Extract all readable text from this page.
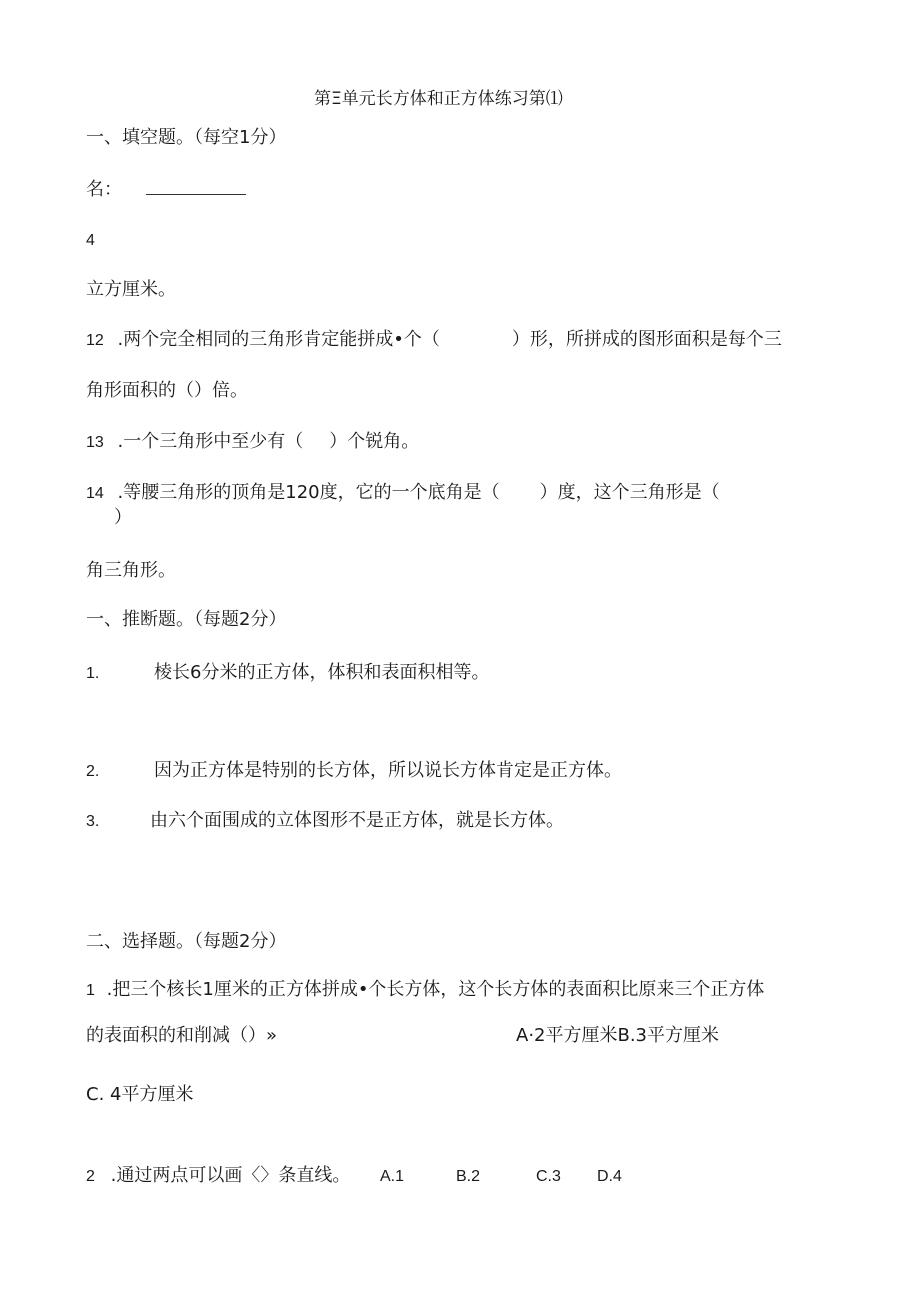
第Ξ单元长方体和正方体练习第⑴
一、填空题。（每空1分）
名：
4
立方厘米。
12 .两个完全相同的三角形肯定能拼成•个（	）形，所拼成的图形面积是每个三
角形面积的（）倍。
13 .一个三角形中至少有（ ）个锐角。
14 .等腰三角形的顶角是120度，它的一个底角是（ ）度，这个三角形是（
）
角三角形。
一、推断题。（每题2分）
1.	棱长6分米的正方体，体积和表面积相等。
2.	因为正方体是特别的长方体，所以说长方体肯定是正方体。
3.	由六个面围成的立体图形不是正方体，就是长方体。
二、选择题。（每题2分）
1 .把三个核长1厘米的正方体拼成•个长方体，这个长方体的表面积比原来三个正方体
的表面积的和削减（）»	A·2平方厘米B.3平方厘米
C. 4平方厘米
2 .通过两点可以画〈〉条直线。 A.1	B.2	C.3 D.4
